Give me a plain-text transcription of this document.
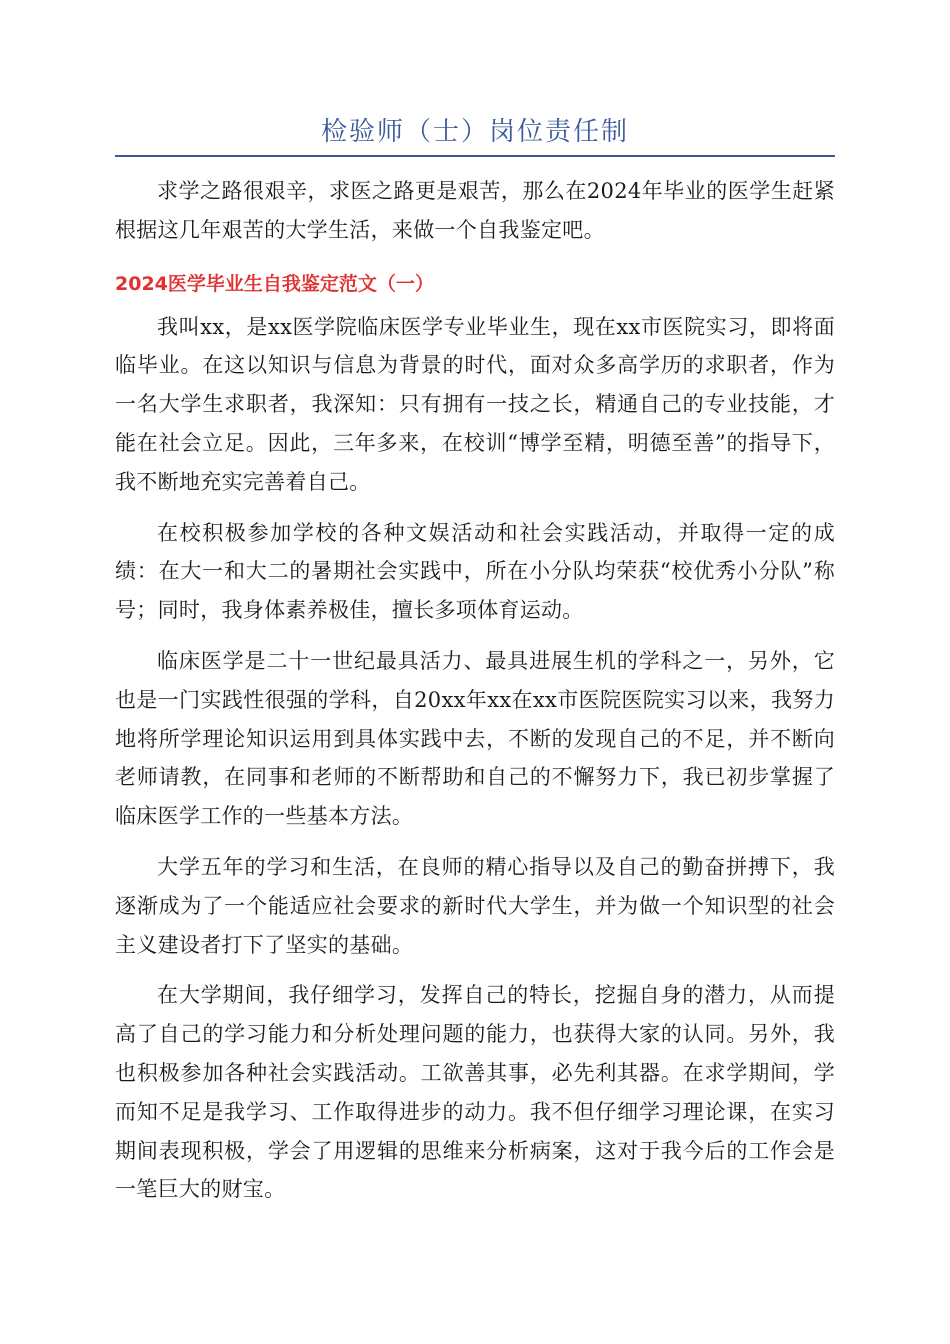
检验师（士）岗位责任制

求学之路很艰辛，求医之路更是艰苦，那么在2024年毕业的医学生赶紧根据这几年艰苦的大学生活，来做一个自我鉴定吧。

2024医学毕业生自我鉴定范文（一）

我叫xx，是xx医学院临床医学专业毕业生，现在xx市医院实习，即将面临毕业。在这以知识与信息为背景的时代，面对众多高学历的求职者，作为一名大学生求职者，我深知：只有拥有一技之长，精通自己的专业技能，才能在社会立足。因此，三年多来，在校训“博学至精，明德至善”的指导下，我不断地充实完善着自己。

在校积极参加学校的各种文娱活动和社会实践活动，并取得一定的成绩：在大一和大二的暑期社会实践中，所在小分队均荣获“校优秀小分队”称号；同时，我身体素养极佳，擅长多项体育运动。

临床医学是二十一世纪最具活力、最具进展生机的学科之一，另外，它也是一门实践性很强的学科，自20xx年xx在xx市医院医院实习以来，我努力地将所学理论知识运用到具体实践中去，不断的发现自己的不足，并不断向老师请教，在同事和老师的不断帮助和自己的不懈努力下，我已初步掌握了临床医学工作的一些基本方法。

大学五年的学习和生活，在良师的精心指导以及自己的勤奋拼搏下，我逐渐成为了一个能适应社会要求的新时代大学生，并为做一个知识型的社会主义建设者打下了坚实的基础。

在大学期间，我仔细学习，发挥自己的特长，挖掘自身的潜力，从而提高了自己的学习能力和分析处理问题的能力，也获得大家的认同。另外，我也积极参加各种社会实践活动。工欲善其事，必先利其器。在求学期间，学而知不足是我学习、工作取得进步的动力。我不但仔细学习理论课，在实习期间表现积极，学会了用逻辑的思维来分析病案，这对于我今后的工作会是一笔巨大的财宝。
